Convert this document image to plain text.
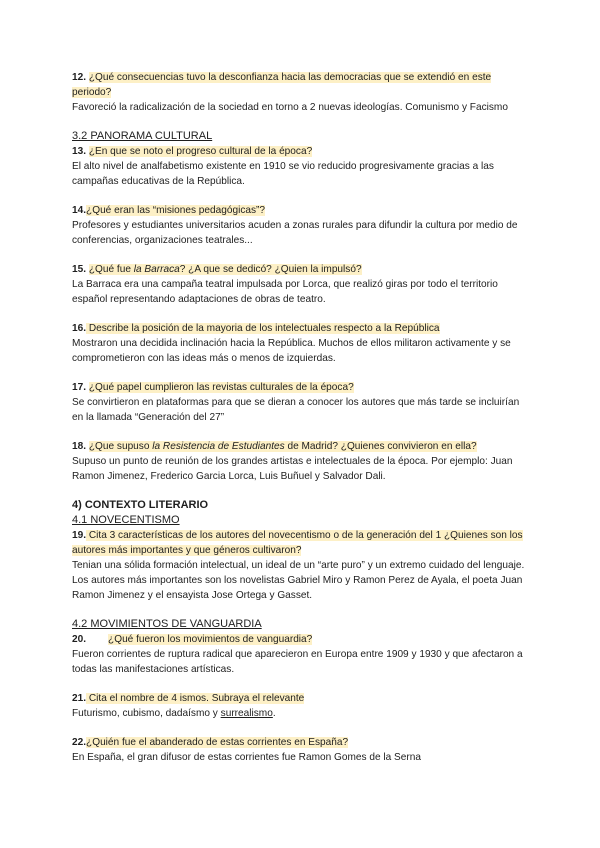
12. ¿Qué consecuencias tuvo la desconfianza hacia las democracias que se extendió en este periodo?
Favoreció la radicalización de la sociedad en torno a 2 nuevas ideologías. Comunismo y Facismo
3.2 PANORAMA CULTURAL
13. ¿En que se noto el progreso cultural de la época?
El alto nivel de analfabetismo existente en 1910 se vio reducido progresivamente gracias a las campañas educativas de la República.
14.¿Qué eran las “misiones pedagógicas”?
Profesores y estudiantes universitarios acuden a zonas rurales para difundir la cultura por medio de conferencias, organizaciones teatrales...
15. ¿Qué fue la Barraca? ¿A que se dedicó? ¿Quien la impulsó?
La Barraca era una campaña teatral impulsada por Lorca, que realizó giras por todo el territorio español representando adaptaciones de obras de teatro.
16. Describe la posición de la mayoria de los intelectuales respecto a la República
Mostraron una decidida inclinación hacia la República. Muchos de ellos militaron activamente y se comprometieron con las ideas más o menos de izquierdas.
17. ¿Qué papel cumplieron las revistas culturales de la época?
Se convirtieron en plataformas para que se dieran a conocer los autores que más tarde se incluirían en la llamada “Generación del 27”
18. ¿Que supuso la Resistencia de Estudiantes de Madrid? ¿Quienes convivieron en ella?
Supuso un punto de reunión de los grandes artistas e intelectuales de la época. Por ejemplo: Juan Ramon Jimenez, Frederico Garcia Lorca, Luis Buñuel y Salvador Dali.
4) CONTEXTO LITERARIO
4.1 NOVECENTISMO
19. Cita 3 características de los autores del novecentismo o de la generación del 1 ¿Quienes son los autores más importantes y que géneros cultivaron?
Tenian una sólida formación intelectual, un ideal de un “arte puro” y un extremo cuidado del lenguaje. Los autores más importantes son los novelistas Gabriel Miro y Ramon Perez de Ayala, el poeta Juan Ramon Jimenez y el ensayista Jose Ortega y Gasset.
4.2 MOVIMIENTOS DE VANGUARDIA
20. ¿Qué fueron los movimientos de vanguardia?
Fueron corrientes de ruptura radical que aparecieron en Europa entre 1909 y 1930 y que afectaron a todas las manifestaciones artísticas.
21. Cita el nombre de 4 ismos. Subraya el relevante
Futurismo, cubismo, dadaísmo y surrealismo.
22.¿Quién fue el abanderado de estas corrientes en España?
En España, el gran difusor de estas corrientes fue Ramon Gomes de la Serna
